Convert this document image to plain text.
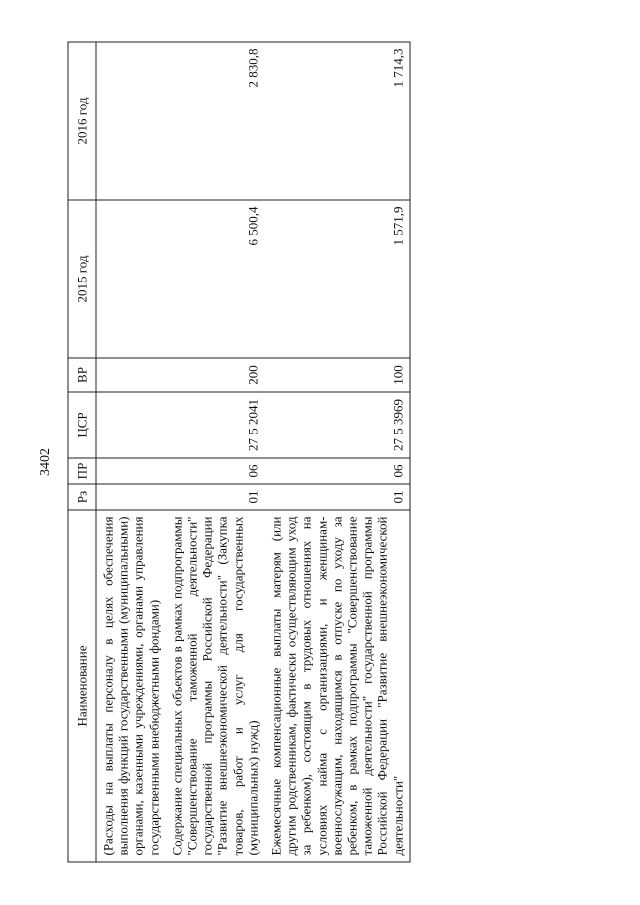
3402
Наименование	Рз	ПР	ЦСР	ВР	2015 год	2016 год
(Расходы на выплаты персоналу в целях обеспечения выполнения функций государственными (муниципальными) органами, казенными учреждениями, органами управления государственными внебюджетными фондами)						
Содержание специальных объектов в рамках подпрограммы "Совершенствование таможенной деятельности" государственной программы Российской Федерации "Развитие внешнеэкономической деятельности" (Закупка товаров, работ и услуг для государственных (муниципальных) нужд)	01	06	27 5 2041	200	6 500,4	2 830,8
Ежемесячные компенсационные выплаты матерям (или другим родственникам, фактически осуществляющим уход за ребенком), состоящим в трудовых отношениях на условиях найма с организациями, и женщинам-военнослужащим, находящимся в отпуске по уходу за ребенком, в рамках подпрограммы "Совершенствование таможенной деятельности" государственной программы Российской Федерации "Развитие внешнеэкономической деятельности"	01	06	27 5 3969	100	1 571,9	1 714,3
